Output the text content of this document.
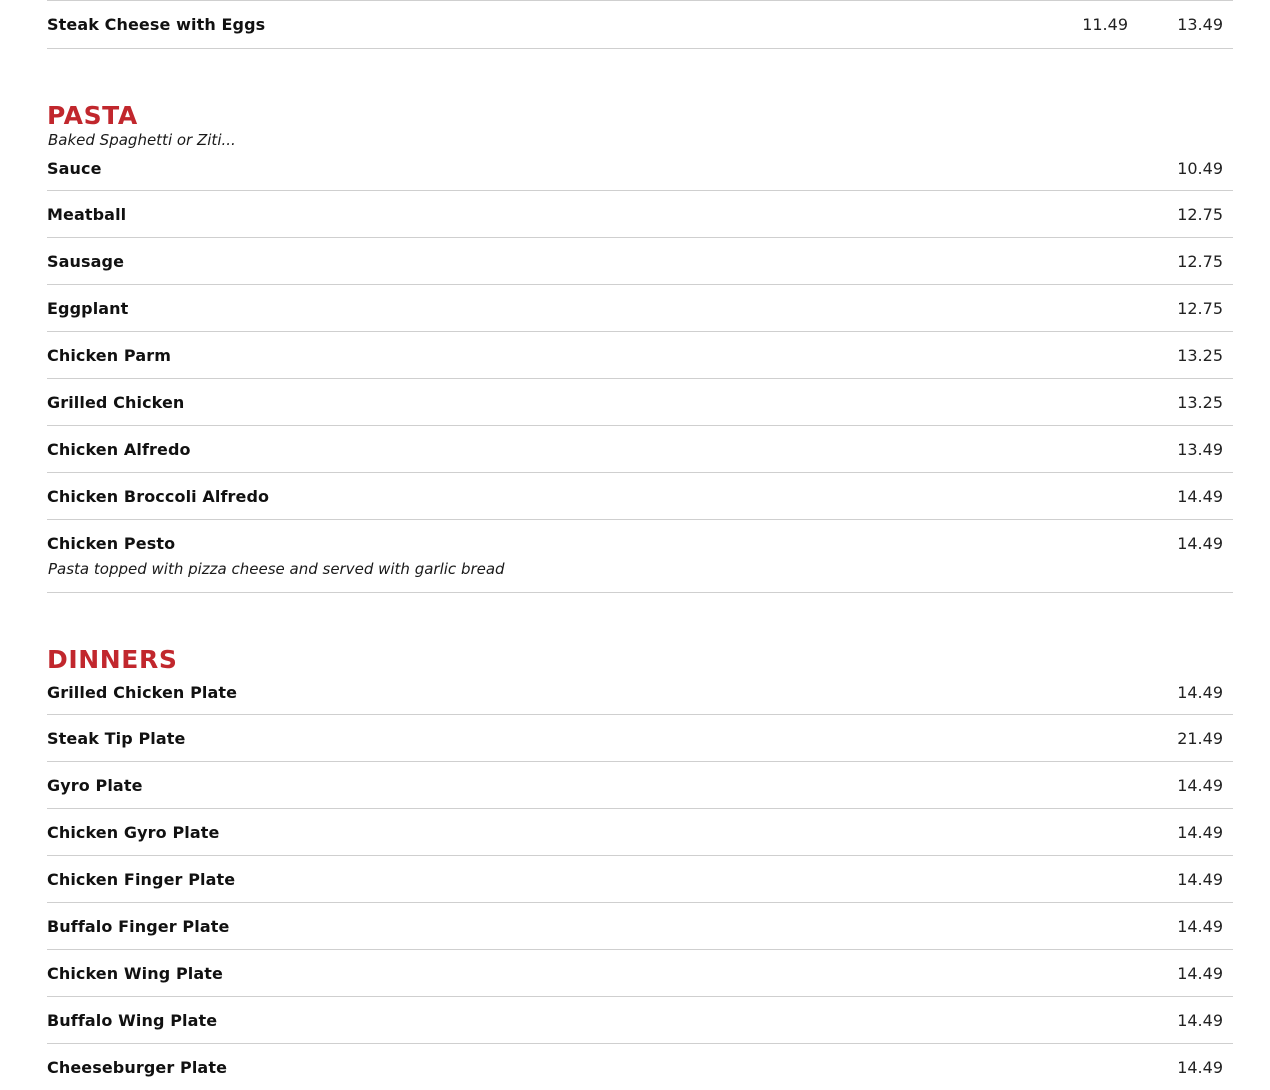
Steak Cheese with Eggs	11.49	13.49
PASTA

Baked Spaghetti or Ziti...

Sauce	10.49
Meatball	12.75
Sausage	12.75
Eggplant	12.75
Chicken Parm	13.25
Grilled Chicken	13.25
Chicken Alfredo	13.49
Chicken Broccoli Alfredo	14.49
Chicken Pesto	14.49
Pasta topped with pizza cheese and served with garlic bread
DINNERS
Grilled Chicken Plate	14.49
Steak Tip Plate	21.49
Gyro Plate	14.49
Chicken Gyro Plate	14.49
Chicken Finger Plate	14.49
Buffalo Finger Plate	14.49
Chicken Wing Plate	14.49
Buffalo Wing Plate	14.49
Cheeseburger Plate	14.49
